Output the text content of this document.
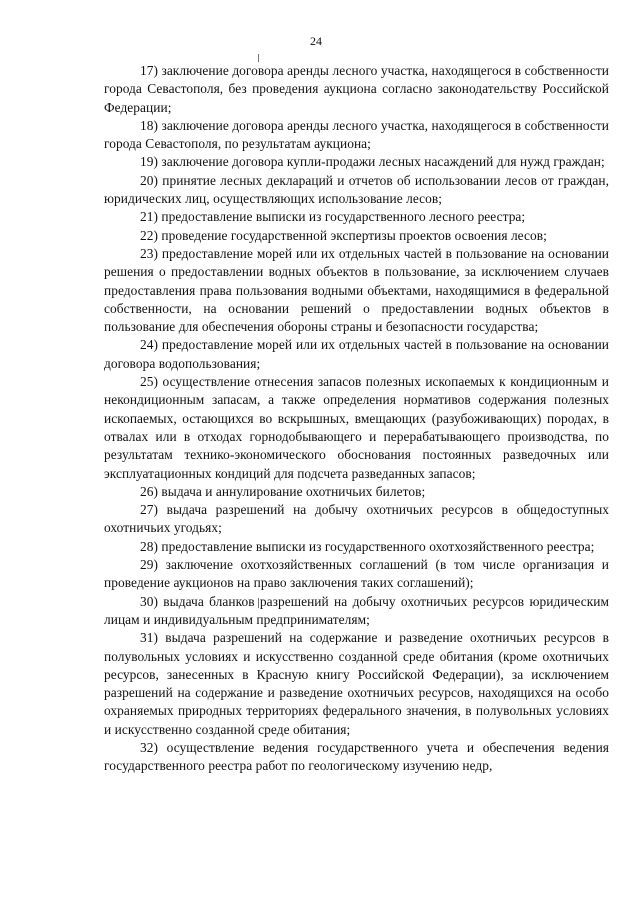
24

17) заключение договора аренды лесного участка, находящегося в собственности города Севастополя, без проведения аукциона согласно законодательству Российской Федерации;

18) заключение договора аренды лесного участка, находящегося в собственности города Севастополя, по результатам аукциона;

19) заключение договора купли-продажи лесных насаждений для нужд граждан;

20) принятие лесных деклараций и отчетов об использовании лесов от граждан, юридических лиц, осуществляющих использование лесов;

21) предоставление выписки из государственного лесного реестра;

22) проведение государственной экспертизы проектов освоения лесов;

23) предоставление морей или их отдельных частей в пользование на основании решения о предоставлении водных объектов в пользование, за исключением случаев предоставления права пользования водными объектами, находящимися в федеральной собственности, на основании решений о предоставлении водных объектов в пользование для обеспечения обороны страны и безопасности государства;

24) предоставление морей или их отдельных частей в пользование на основании договора водопользования;

25) осуществление отнесения запасов полезных ископаемых к кондиционным и некондиционным запасам, а также определения нормативов содержания полезных ископаемых, остающихся во вскрышных, вмещающих (разубоживающих) породах, в отвалах или в отходах горнодобывающего и перерабатывающего производства, по результатам технико-экономического обоснования постоянных разведочных или эксплуатационных кондиций для подсчета разведанных запасов;

26) выдача и аннулирование охотничьих билетов;

27) выдача разрешений на добычу охотничьих ресурсов в общедоступных охотничьих угодьях;

28) предоставление выписки из государственного охотхозяйственного реестра;

29) заключение охотхозяйственных соглашений (в том числе организация и проведение аукционов на право заключения таких соглашений);

30) выдача бланков разрешений на добычу охотничьих ресурсов юридическим лицам и индивидуальным предпринимателям;

31) выдача разрешений на содержание и разведение охотничьих ресурсов в полувольных условиях и искусственно созданной среде обитания (кроме охотничьих ресурсов, занесенных в Красную книгу Российской Федерации), за исключением разрешений на содержание и разведение охотничьих ресурсов, находящихся на особо охраняемых природных территориях федерального значения, в полувольных условиях и искусственно созданной среде обитания;

32) осуществление ведения государственного учета и обеспечения ведения государственного реестра работ по геологическому изучению недр,
